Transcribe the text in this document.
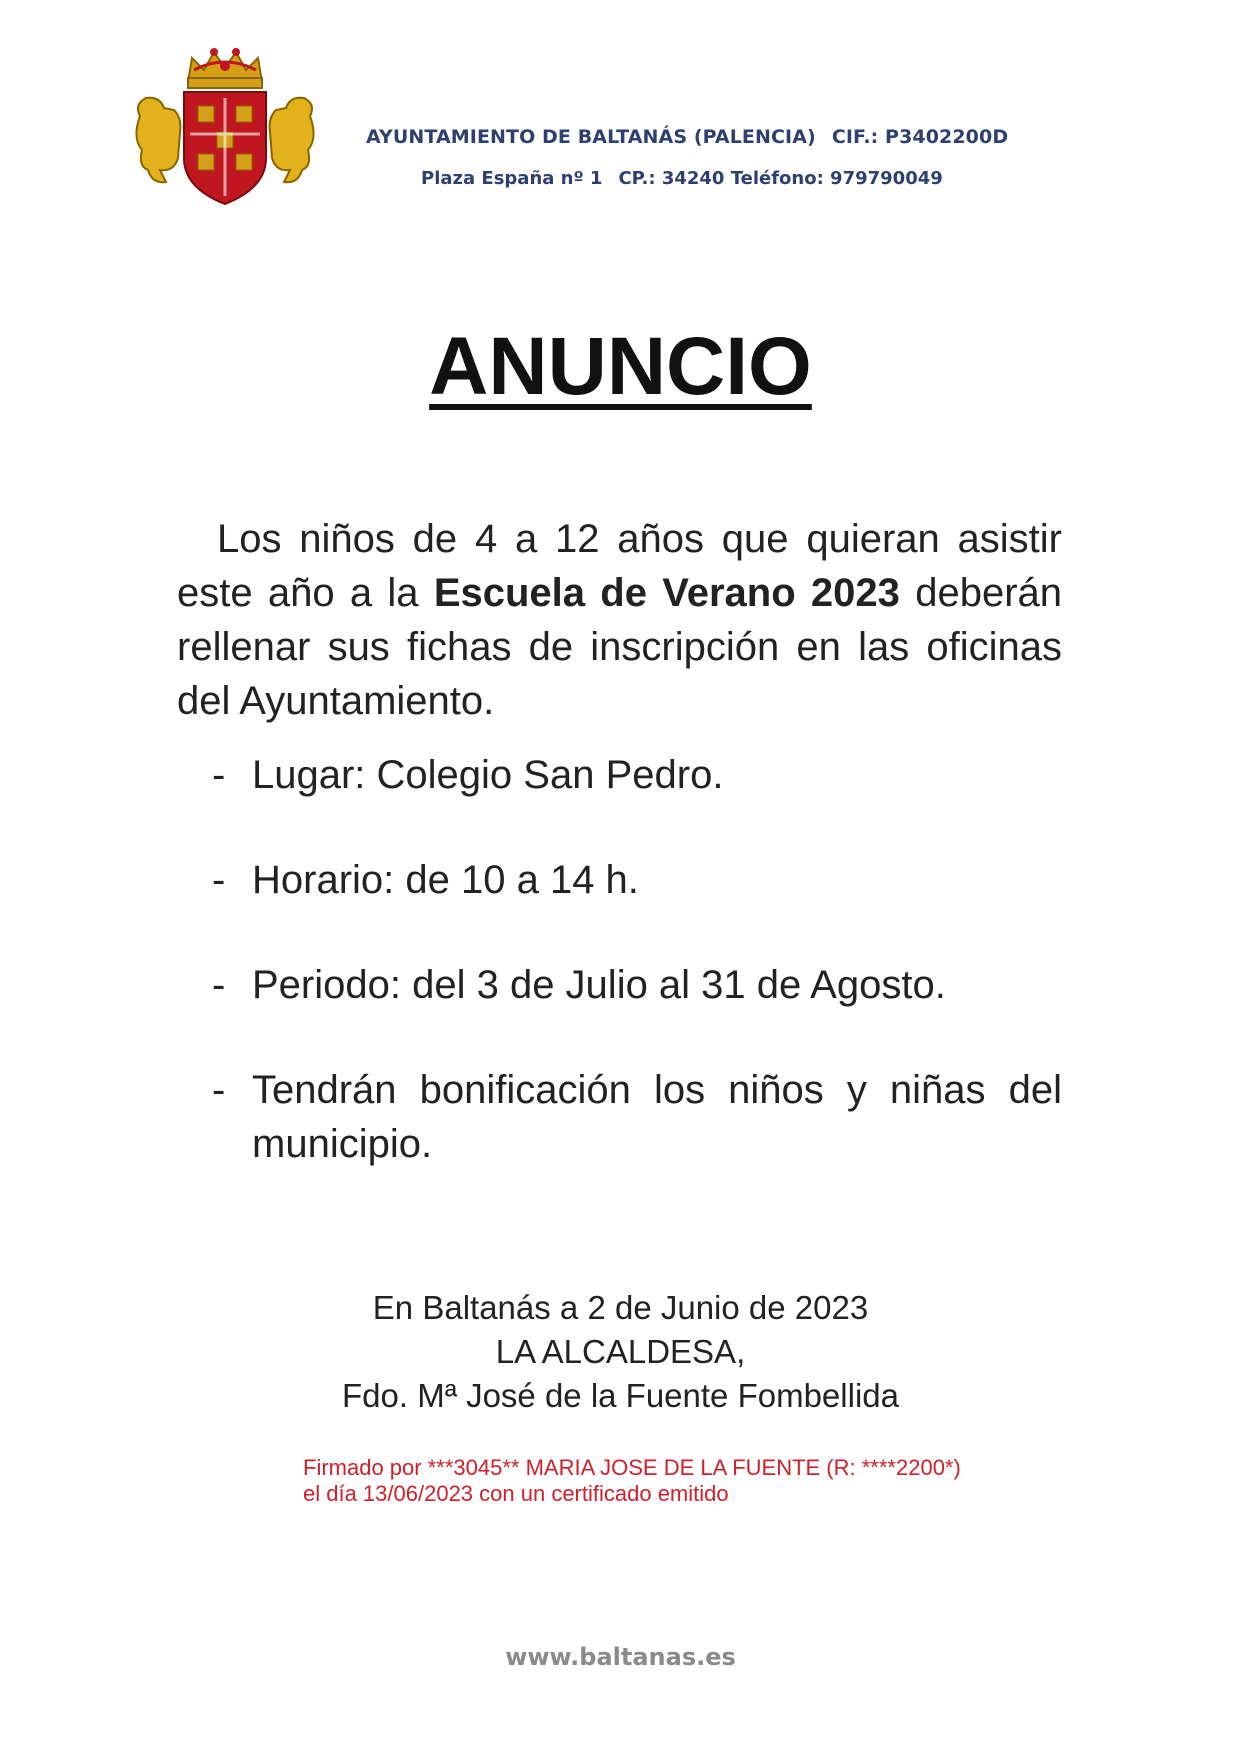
AYUNTAMIENTO DE BALTANÁS (PALENCIA) CIF.: P3402200D
Plaza España nº 1 CP.: 34240 Teléfono: 979790049
ANUNCIO
Los niños de 4 a 12 años que quieran asistir este año a la Escuela de Verano 2023 deberán rellenar sus fichas de inscripción en las oficinas del Ayuntamiento.
- Lugar: Colegio San Pedro.
- Horario: de 10 a 14 h.
- Periodo: del 3 de Julio al 31 de Agosto.
- Tendrán bonificación los niños y niñas del municipio.
En Baltanás a 2 de Junio de 2023
LA ALCALDESA,
Fdo. Mª José de la Fuente Fombellida
Firmado por ***3045** MARIA JOSE DE LA FUENTE (R: ****2200*) el día 13/06/2023 con un certificado emitido
www.baltanas.es
